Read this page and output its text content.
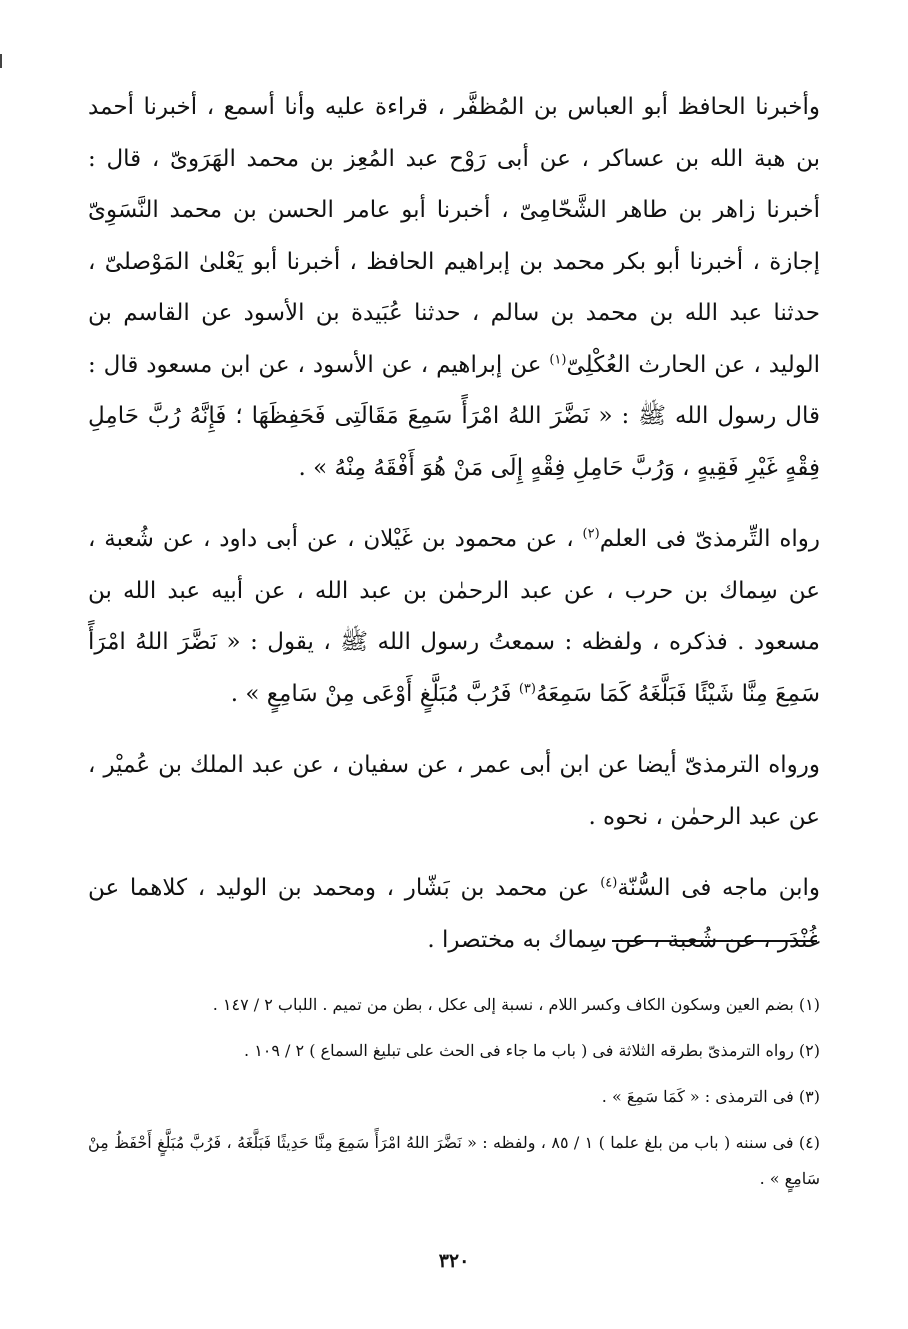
وأخبرنا الحافظ أبو العباس بن المُظفَّر ، قراءة عليه وأنا أسمع ، أخبرنا أحمد بن هبة الله بن عساكر ، عن أبى رَوْح عبد المُعِز بن محمد الهَرَوىّ ، قال : أخبرنا زاهر بن طاهر الشَّحّامِىّ ، أخبرنا أبو عامر الحسن بن محمد النَّسَوِىّ إجازة ، أخبرنا أبو بكر محمد بن إبراهيم الحافظ ، أخبرنا أبو يَعْلىٰ المَوْصلىّ ، حدثنا عبد الله بن محمد بن سالم ، حدثنا عُبَيدة بن الأسود عن القاسم بن الوليد ، عن الحارث العُكْلِىّ$^{(١)}$ عن إبراهيم ، عن الأسود ، عن ابن مسعود قال : قال رسول الله ﷺ : « نَضَّرَ اللهُ امْرَأً سَمِعَ مَقَالَتِى فَحَفِظَهَا ؛ فَإِنَّهُ رُبَّ حَامِلِ فِقْهٍ غَيْرِ فَقِيهٍ ، وَرُبَّ حَامِلِ فِقْهٍ إِلَى مَنْ هُوَ أَفْقَهُ مِنْهُ » .

رواه التِّرمذىّ فى العلم$^{(٢)}$ ، عن محمود بن غَيْلان ، عن أبى داود ، عن شُعبة ، عن سِماك بن حرب ، عن عبد الرحمٰن بن عبد الله ، عن أبيه عبد الله بن مسعود . فذكره ، ولفظه : سمعتُ رسول الله ﷺ ، يقول : « نَضَّرَ اللهُ امْرَأً سَمِعَ مِنَّا شَيْئًا فَبَلَّغَهُ كَمَا سَمِعَهُ$^{(٣)}$ فَرُبَّ مُبَلَّغٍ أَوْعَى مِنْ سَامِعٍ » .

ورواه الترمذىّ أيضا عن ابن أبى عمر ، عن سفيان ، عن عبد الملك بن عُميْر ، عن عبد الرحمٰن ، نحوه .

وابن ماجه فى السُّنّة$^{(٤)}$ عن محمد بن بَشّار ، ومحمد بن الوليد ، كلاهما عن غُنْدَر ، عن شُعبة ، عن سِماك به مختصرا .

(١) بضم العين وسكون الكاف وكسر اللام ، نسبة إلى عكل ، بطن من تميم . اللباب ٢ / ١٤٧ .

(٢) رواه الترمذىّ بطرقه الثلاثة فى ( باب ما جاء فى الحث على تبليغ السماع ) ٢ / ١٠٩ .

(٣) فى الترمذى : « كَمَا سَمِعَ » .

(٤) فى سننه ( باب من بلغ علما ) ١ / ٨٥ ، ولفظه : « نَضَّرَ اللهُ امْرَأً سَمِعَ مِنَّا حَدِيثًا فَبَلَّغَهُ ، فَرُبَّ مُبَلَّغٍ أَحْفَظُ مِنْ سَامِعٍ » .

٣٢٠
